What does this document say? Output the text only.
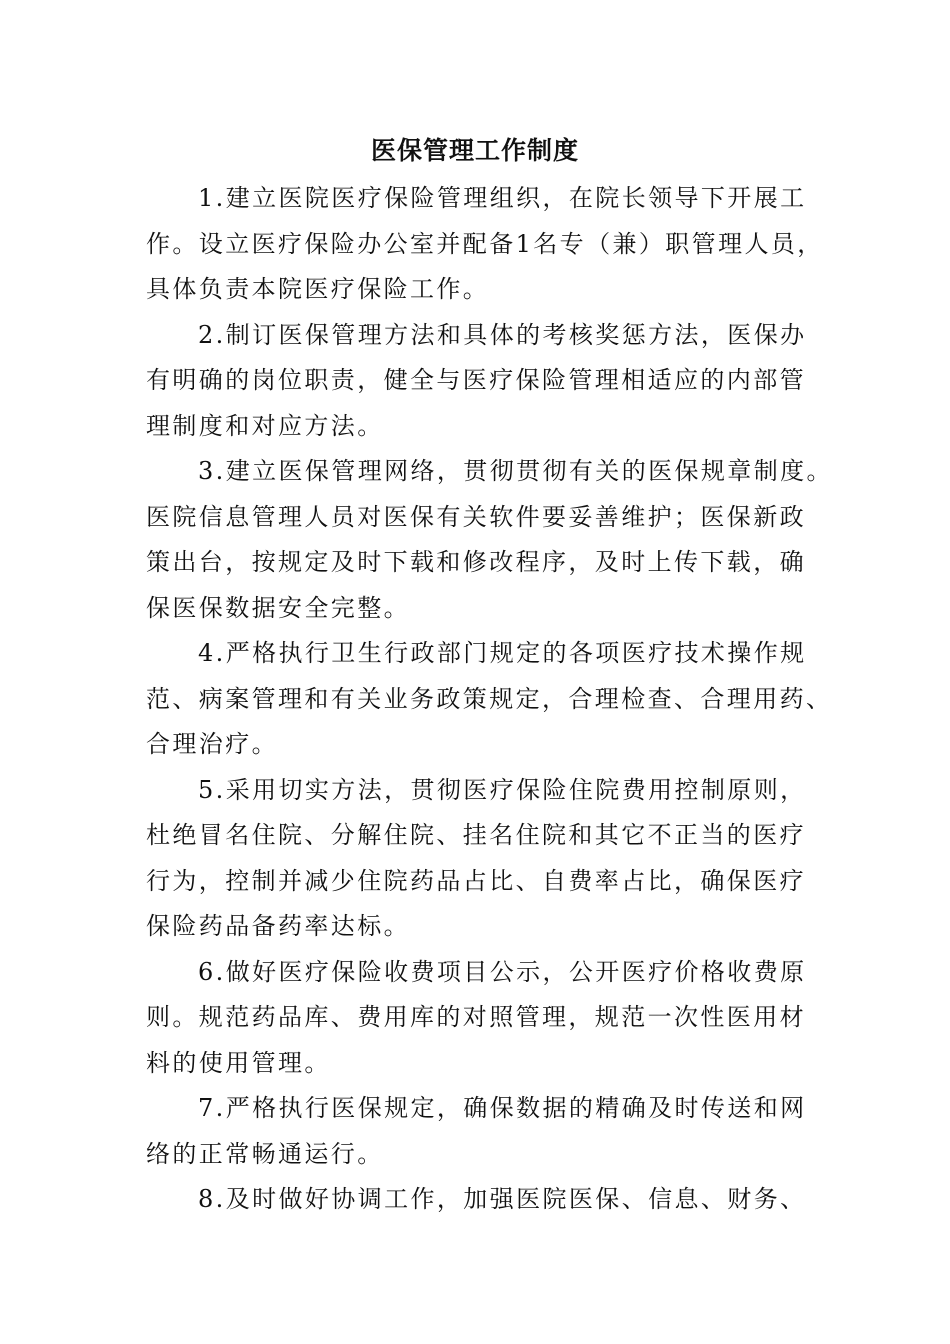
医保管理工作制度

1.建立医院医疗保险管理组织，在院长领导下开展工
作。设立医疗保险办公室并配备1名专（兼）职管理人员，
具体负责本院医疗保险工作。

2.制订医保管理方法和具体的考核奖惩方法，医保办
有明确的岗位职责，健全与医疗保险管理相适应的内部管
理制度和对应方法。

3.建立医保管理网络，贯彻贯彻有关的医保规章制度。
医院信息管理人员对医保有关软件要妥善维护；医保新政
策出台，按规定及时下载和修改程序，及时上传下载，确
保医保数据安全完整。

4.严格执行卫生行政部门规定的各项医疗技术操作规
范、病案管理和有关业务政策规定，合理检查、合理用药、
合理治疗。

5.采用切实方法，贯彻医疗保险住院费用控制原则，
杜绝冒名住院、分解住院、挂名住院和其它不正当的医疗
行为，控制并减少住院药品占比、自费率占比，确保医疗
保险药品备药率达标。

6.做好医疗保险收费项目公示，公开医疗价格收费原
则。规范药品库、费用库的对照管理，规范一次性医用材
料的使用管理。

7.严格执行医保规定，确保数据的精确及时传送和网
络的正常畅通运行。

8.及时做好协调工作，加强医院医保、信息、财务、
